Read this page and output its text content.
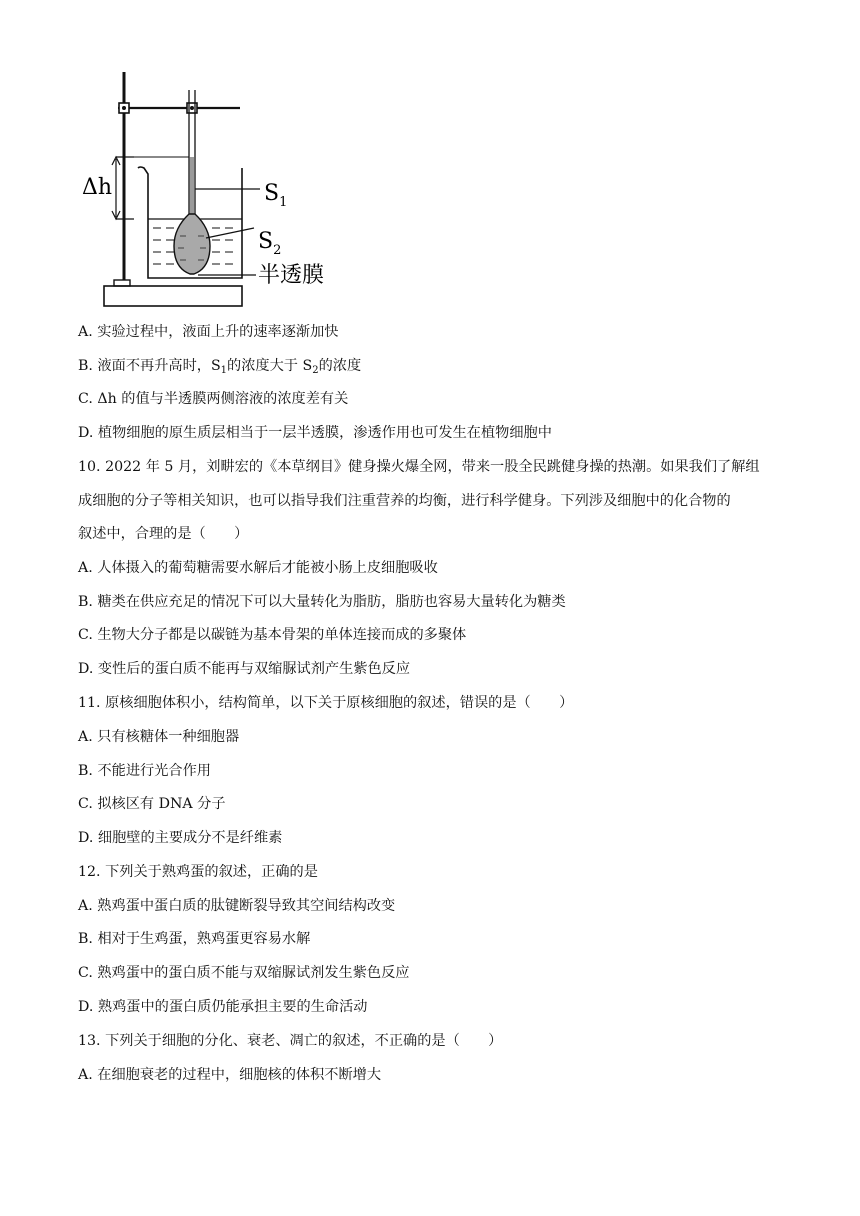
Δh	$S_1$
$S_2$
半透膜
A. 实验过程中，液面上升的速率逐渐加快
B. 液面不再升高时，$S_1$的浓度大于 $S_2$的浓度
C. Δh 的值与半透膜两侧溶液的浓度差有关
D. 植物细胞的原生质层相当于一层半透膜，渗透作用也可发生在植物细胞中
10. 2022 年 5 月，刘畊宏的《本草纲目》健身操火爆全网，带来一股全民跳健身操的热潮。如果我们了解组
成细胞的分子等相关知识，也可以指导我们注重营养的均衡，进行科学健身。下列涉及细胞中的化合物的
叙述中，合理的是（　　）
A. 人体摄入的葡萄糖需要水解后才能被小肠上皮细胞吸收
B. 糖类在供应充足的情况下可以大量转化为脂肪，脂肪也容易大量转化为糖类
C. 生物大分子都是以碳链为基本骨架的单体连接而成的多聚体
D. 变性后的蛋白质不能再与双缩脲试剂产生紫色反应
11. 原核细胞体积小，结构简单，以下关于原核细胞的叙述，错误的是（　　）
A. 只有核糖体一种细胞器
B. 不能进行光合作用
C. 拟核区有 DNA 分子
D. 细胞壁的主要成分不是纤维素
12. 下列关于熟鸡蛋的叙述，正确的是
A. 熟鸡蛋中蛋白质的肽键断裂导致其空间结构改变
B. 相对于生鸡蛋，熟鸡蛋更容易水解
C. 熟鸡蛋中的蛋白质不能与双缩脲试剂发生紫色反应
D. 熟鸡蛋中的蛋白质仍能承担主要的生命活动
13. 下列关于细胞的分化、衰老、凋亡的叙述，不正确的是（　　）
A. 在细胞衰老的过程中，细胞核的体积不断增大
